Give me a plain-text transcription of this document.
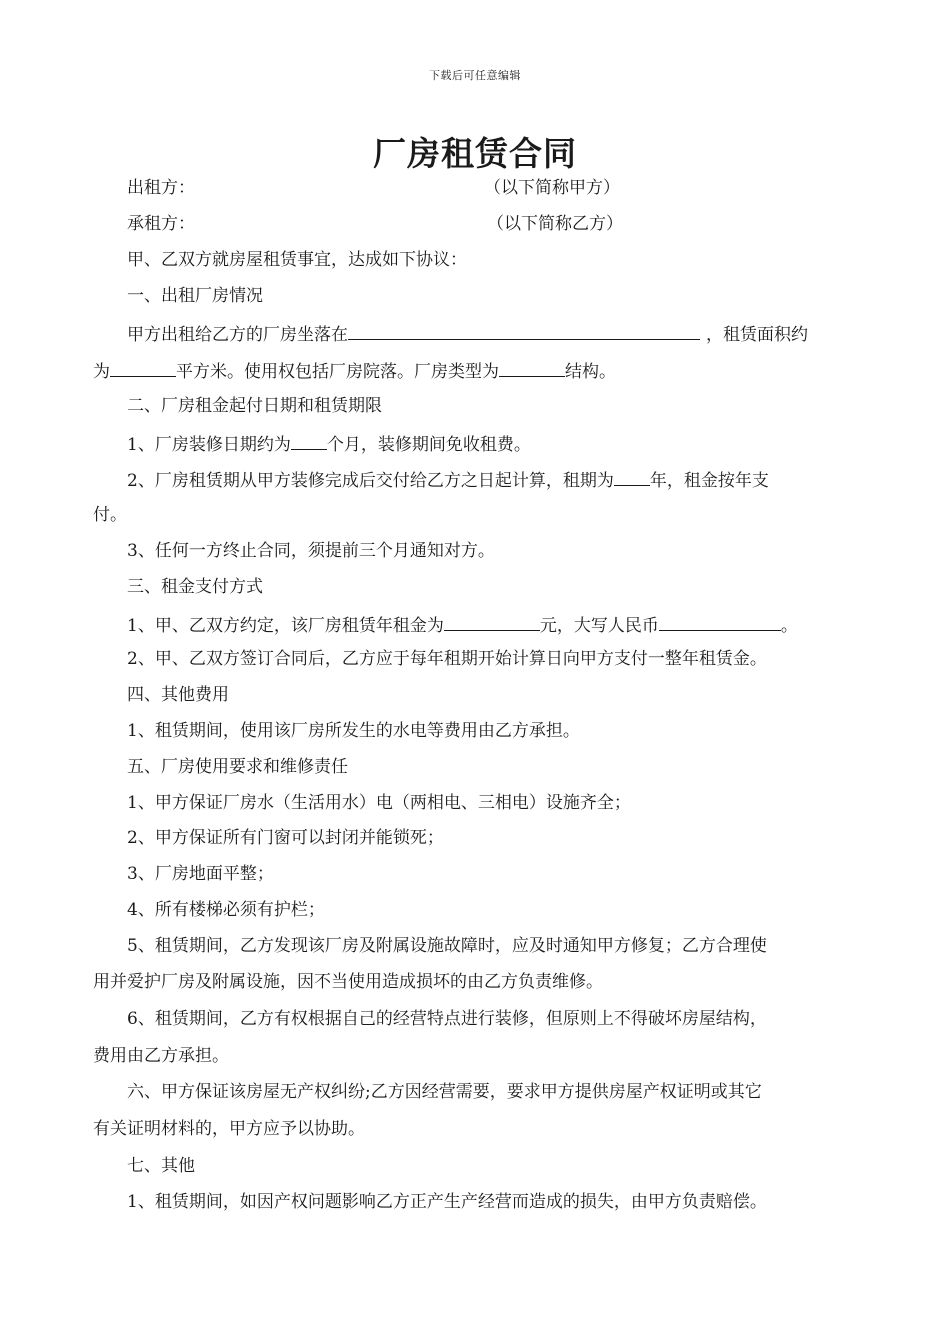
下载后可任意编辑
厂房租赁合同
出租方：	（以下简称甲方）
承租方：	（以下简称乙方）
甲、乙双方就房屋租赁事宜，达成如下协议：
一、出租厂房情况
甲方出租给乙方的厂房坐落在	，租赁面积约
为	平方米。使用权包括厂房院落。厂房类型为	结构。
二、厂房租金起付日期和租赁期限
1、厂房装修日期约为 个月，装修期间免收租费。
2、厂房租赁期从甲方装修完成后交付给乙方之日起计算，租期为 年，租金按年支
付。
3、任何一方终止合同，须提前三个月通知对方。
三、租金支付方式
1、甲、乙双方约定，该厂房租赁年租金为	元，大写人民币	。
2、甲、乙双方签订合同后，乙方应于每年租期开始计算日向甲方支付一整年租赁金。
四、其他费用
1、租赁期间，使用该厂房所发生的水电等费用由乙方承担。
五、厂房使用要求和维修责任
1、甲方保证厂房水（生活用水）电（两相电、三相电）设施齐全；
2、甲方保证所有门窗可以封闭并能锁死；
3、厂房地面平整；
4、所有楼梯必须有护栏；
5、租赁期间，乙方发现该厂房及附属设施故障时，应及时通知甲方修复；乙方合理使
用并爱护厂房及附属设施，因不当使用造成损坏的由乙方负责维修。
6、租赁期间，乙方有权根据自己的经营特点进行装修，但原则上不得破坏房屋结构，
费用由乙方承担。
六、甲方保证该房屋无产权纠纷;乙方因经营需要，要求甲方提供房屋产权证明或其它
有关证明材料的，甲方应予以协助。
七、其他
1、租赁期间，如因产权问题影响乙方正产生产经营而造成的损失，由甲方负责赔偿。
